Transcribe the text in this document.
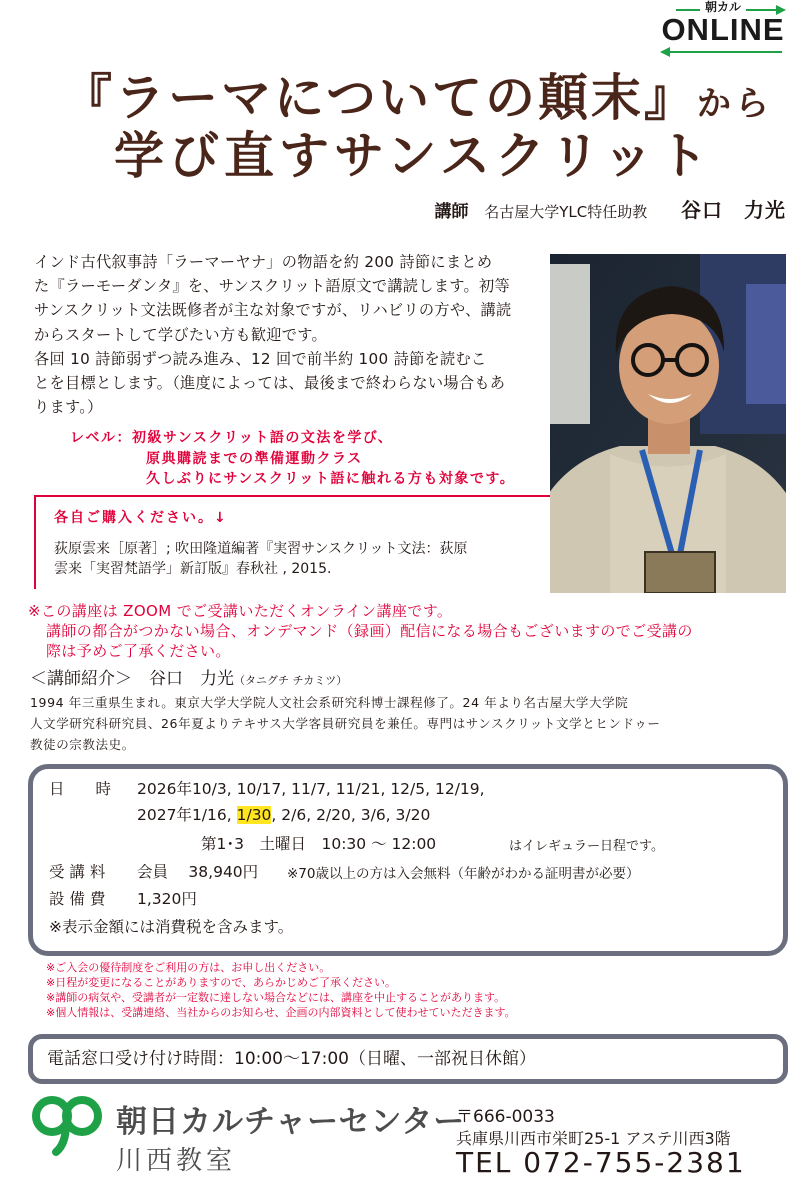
朝カル
ONLINE
『ラーマについての顛末』から
学び直すサンスクリット
講師 名古屋大学YLC特任助教 谷口　力光
インド古代叙事詩「ラーマーヤナ」の物語を約 200 詩節にまとめ
た『ラーモーダンタ』を、サンスクリット語原文で講読します。初等
サンスクリット文法既修者が主な対象ですが、リハビリの方や、講読
からスタートして学びたい方も歓迎です。
各回 10 詩節弱ずつ読み進み、12 回で前半約 100 詩節を読むこ
とを目標とします。（進度によっては、最後まで終わらない場合もあ
ります。）
レベル：初級サンスクリット語の文法を学び、
原典購読までの準備運動クラス
久しぶりにサンスクリット語に触れる方も対象です。
各自ご購入ください。↓
荻原雲来［原著］; 吹田隆道編著『実習サンスクリット文法：荻原
雲来「実習梵語学」新訂版』春秋社 , 2015.
※この講座は ZOOM でご受講いただくオンライン講座です。
講師の都合がつかない場合、オンデマンド（録画）配信になる場合もございますのでご受講の
際は予めご了承ください。
＜講師紹介＞　谷口　力光（タニグチ チカミツ）
1994 年三重県生まれ。東京大学大学院人文社会系研究科博士課程修了。24 年より名古屋大学大学院
人文学研究科研究員、26年夏よりテキサス大学客員研究員を兼任。専門はサンスクリット文学とヒンドゥー
教徒の宗教法史。
日　　時 2026年10/3, 10/17, 11/7, 11/21, 12/5, 12/19,
2027年1/16, 1/30, 2/6, 2/20, 3/6, 3/20
第1･3　土曜日　10:30 ～ 12:00	はイレギュラー日程です。
受 講 料 会員　 38,940円 ※70歳以上の方は入会無料（年齢がわかる証明書が必要）
設 備 費 1,320円
※表示金額には消費税を含みます。
※ご入会の優待制度をご利用の方は、お申し出ください。
※日程が変更になることがありますので、あらかじめご了承ください。
※講師の病気や、受講者が一定数に達しない場合などには、講座を中止することがあります。
※個人情報は、受講連絡、当社からのお知らせ、企画の内部資料として使わせていただきます。
電話窓口受け付け時間：10:00～17:00（日曜、一部祝日休館）
朝日カルチャーセンター
川西教室
〒666-0033
兵庫県川西市栄町25-1 アステ川西3階
TEL 072-755-2381
